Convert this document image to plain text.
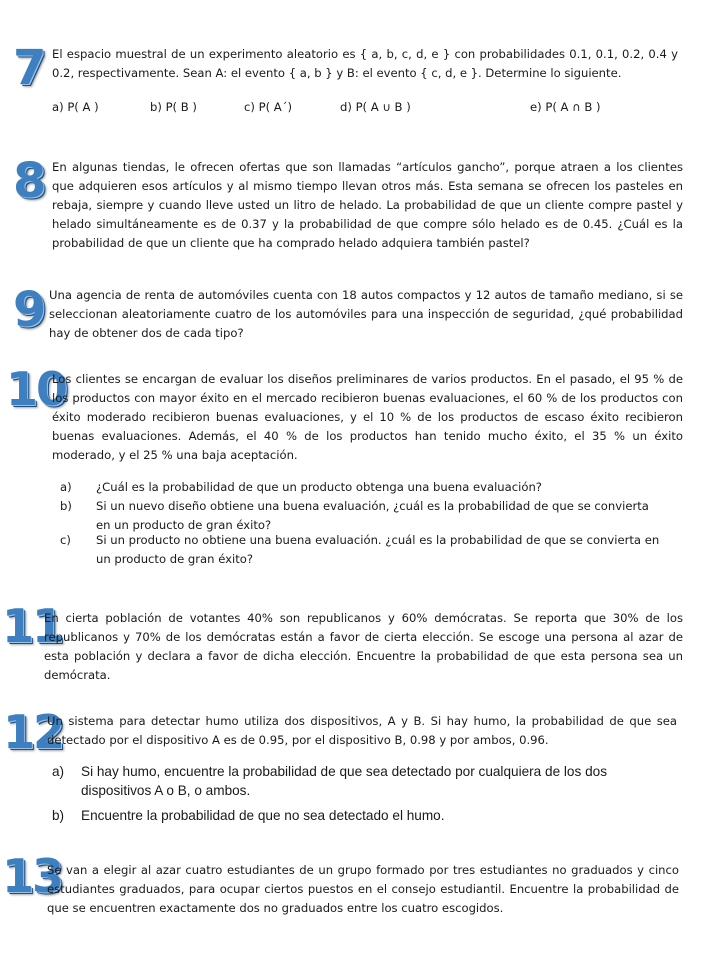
7 El espacio muestral de un experimento aleatorio es { a, b, c, d, e } con probabilidades 0.1, 0.1, 0.2, 0.4 y 0.2, respectivamente. Sean A: el evento { a, b } y B: el evento { c, d, e }. Determine lo siguiente.
a) P( A )	b) P( B )	c) P( A´)	d) P( A ∪ B )	e) P( A ∩ B )
8 En algunas tiendas, le ofrecen ofertas que son llamadas “artículos gancho”, porque atraen a los clientes que adquieren esos artículos y al mismo tiempo llevan otros más. Esta semana se ofrecen los pasteles en rebaja, siempre y cuando lleve usted un litro de helado. La probabilidad de que un cliente compre pastel y helado simultáneamente es de 0.37 y la probabilidad de que compre sólo helado es de 0.45. ¿Cuál es la probabilidad de que un cliente que ha comprado helado adquiera también pastel?
9 Una agencia de renta de automóviles cuenta con 18 autos compactos y 12 autos de tamaño mediano, si se seleccionan aleatoriamente cuatro de los automóviles para una inspección de seguridad, ¿qué probabilidad hay de obtener dos de cada tipo?
10
Los clientes se encargan de evaluar los diseños preliminares de varios productos. En el pasado, el 95 % de los productos con mayor éxito en el mercado recibieron buenas evaluaciones, el 60 % de los productos con éxito moderado recibieron buenas evaluaciones, y el 10 % de los productos de escaso éxito recibieron buenas evaluaciones. Además, el 40 % de los productos han tenido mucho éxito, el 35 % un éxito moderado, y el 25 % una baja aceptación.
a) ¿Cuál es la probabilidad de que un producto obtenga una buena evaluación?
b) Si un nuevo diseño obtiene una buena evaluación, ¿cuál es la probabilidad de que se convierta
en un producto de gran éxito?
c) Si un producto no obtiene una buena evaluación. ¿cuál es la probabilidad de que se convierta en
un producto de gran éxito?
11
En cierta población de votantes 40% son republicanos y 60% demócratas. Se reporta que 30% de los republicanos y 70% de los demócratas están a favor de cierta elección. Se escoge una persona al azar de esta población y declara a favor de dicha elección. Encuentre la probabilidad de que esta persona sea un demócrata.
12
Un sistema para detectar humo utiliza dos dispositivos, A y B. Si hay humo, la probabilidad de que sea detectado por el dispositivo A es de 0.95, por el dispositivo B, 0.98 y por ambos, 0.96.
a) Si hay humo, encuentre la probabilidad de que sea detectado por cualquiera de los dos
dispositivos A o B, o ambos.
b) Encuentre la probabilidad de que no sea detectado el humo.
13
Se van a elegir al azar cuatro estudiantes de un grupo formado por tres estudiantes no graduados y cinco estudiantes graduados, para ocupar ciertos puestos en el consejo estudiantil. Encuentre la probabilidad de que se encuentren exactamente dos no graduados entre los cuatro escogidos.
